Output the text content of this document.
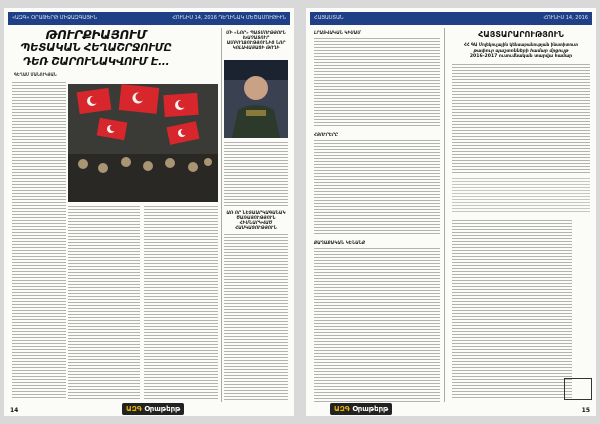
«ԱԶԳ» ՕՐԱԹԵՐԹ ՄԻՋԱԶԳԱՅԻՆ	ՀՈՒՆԻՍ 14, 2016 ԴԵՂԻՆԱԿ ՄԵԾԱՄՈՒԹԻՒՆ
ԹՈՒՐՔԻԱՅՈՒՄ
ՊԵՏԱԿԱՆ ՀԵՂԱՇՐՋՈՒՄԸ
ԴԵՌ ՇԱՐՈՒՆԱԿՎՈՒՄ Է...
ԳԵՂԱՄ ՄԱՆՈՒԿՅԱՆ
ՄԻ «ՆՈՐ» ՊԱՏՄՈՒԹՅՈՒՆ ԽԱՉԱՏՈՒՐ ԱՄԲՈՂՋՈՒԹՅՈՒՆԻՑ ՆՈՐ ԿՈԼԱՎԱՅԱՑԻ ԹՈՂԻ
ԱՌ ՈՐ ՆԵՏԱԱՐԿԱԳԱՆԱԿ ԾԱՌԱՅՈՒԹՅՈՒՆ ՀԻՄՆԱՐԿՎԱԾ ՀԱՍԿԱՑՈՒԹՅՈՒՆ
14	ԱԶԳ Օրաթերթ
ՀԱՅԱՍՏԱՆ	ՀՈՒՆԻՍ 14, 2016
ԼՐԱՏՎԱԿԱՆ ԿԻՍԱՄ
ՀՅՈՒՐԵՐԸ
ՔԱՂԱՔԱԿԱՆ ԿԵՆԱՆՔ
ՀԱՅՏԱՐԱՐՈՒԹՅՈՒՆ
ՀՀ ԳԱ Մոլեկուլային կենսաբանության ինստիտուտ
թափուր պաշտոնների համար մրցույթ
2016-2017 ուսումնական տարվա համար
15
ԱԶԳ Օրաթերթ
